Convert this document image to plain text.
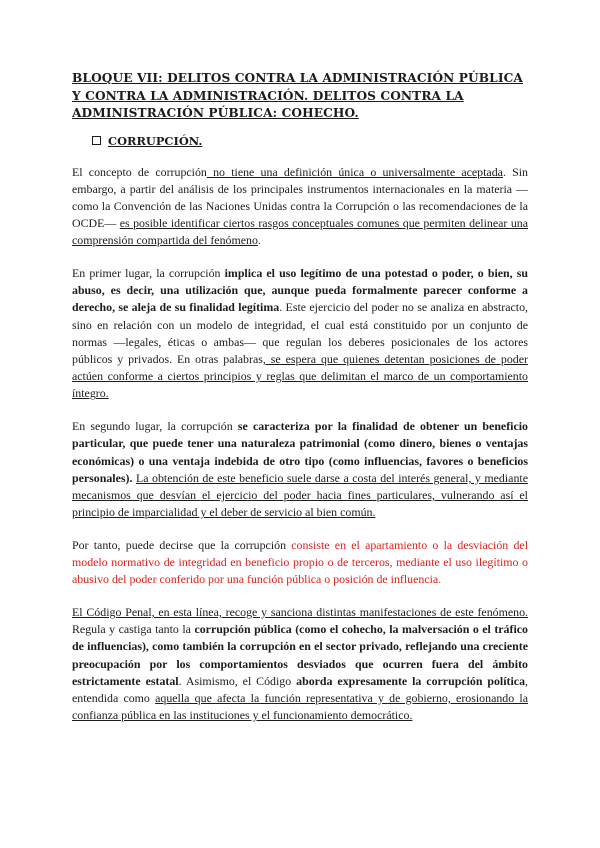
BLOQUE VII: DELITOS CONTRA LA ADMINISTRACIÓN PÚBLICA Y CONTRA LA ADMINISTRACIÓN. DELITOS CONTRA LA ADMINISTRACIÓN PÚBLICA: COHECHO.
CORRUPCIÓN.

El concepto de corrupción no tiene una definición única o universalmente aceptada. Sin embargo, a partir del análisis de los principales instrumentos internacionales en la materia —como la Convención de las Naciones Unidas contra la Corrupción o las recomendaciones de la OCDE— es posible identificar ciertos rasgos conceptuales comunes que permiten delinear una comprensión compartida del fenómeno.

En primer lugar, la corrupción implica el uso legítimo de una potestad o poder, o bien, su abuso, es decir, una utilización que, aunque pueda formalmente parecer conforme a derecho, se aleja de su finalidad legítima. Este ejercicio del poder no se analiza en abstracto, sino en relación con un modelo de integridad, el cual está constituido por un conjunto de normas —legales, éticas o ambas— que regulan los deberes posicionales de los actores públicos y privados. En otras palabras, se espera que quienes detentan posiciones de poder actúen conforme a ciertos principios y reglas que delimitan el marco de un comportamiento íntegro.

En segundo lugar, la corrupción se caracteriza por la finalidad de obtener un beneficio particular, que puede tener una naturaleza patrimonial (como dinero, bienes o ventajas económicas) o una ventaja indebida de otro tipo (como influencias, favores o beneficios personales). La obtención de este beneficio suele darse a costa del interés general, y mediante mecanismos que desvían el ejercicio del poder hacia fines particulares, vulnerando así el principio de imparcialidad y el deber de servicio al bien común.

Por tanto, puede decirse que la corrupción consiste en el apartamiento o la desviación del modelo normativo de integridad en beneficio propio o de terceros, mediante el uso ilegítimo o abusivo del poder conferido por una función pública o posición de influencia.

El Código Penal, en esta línea, recoge y sanciona distintas manifestaciones de este fenómeno. Regula y castiga tanto la corrupción pública (como el cohecho, la malversación o el tráfico de influencias), como también la corrupción en el sector privado, reflejando una creciente preocupación por los comportamientos desviados que ocurren fuera del ámbito estrictamente estatal. Asimismo, el Código aborda expresamente la corrupción política, entendida como aquella que afecta la función representativa y de gobierno, erosionando la confianza pública en las instituciones y el funcionamiento democrático.
